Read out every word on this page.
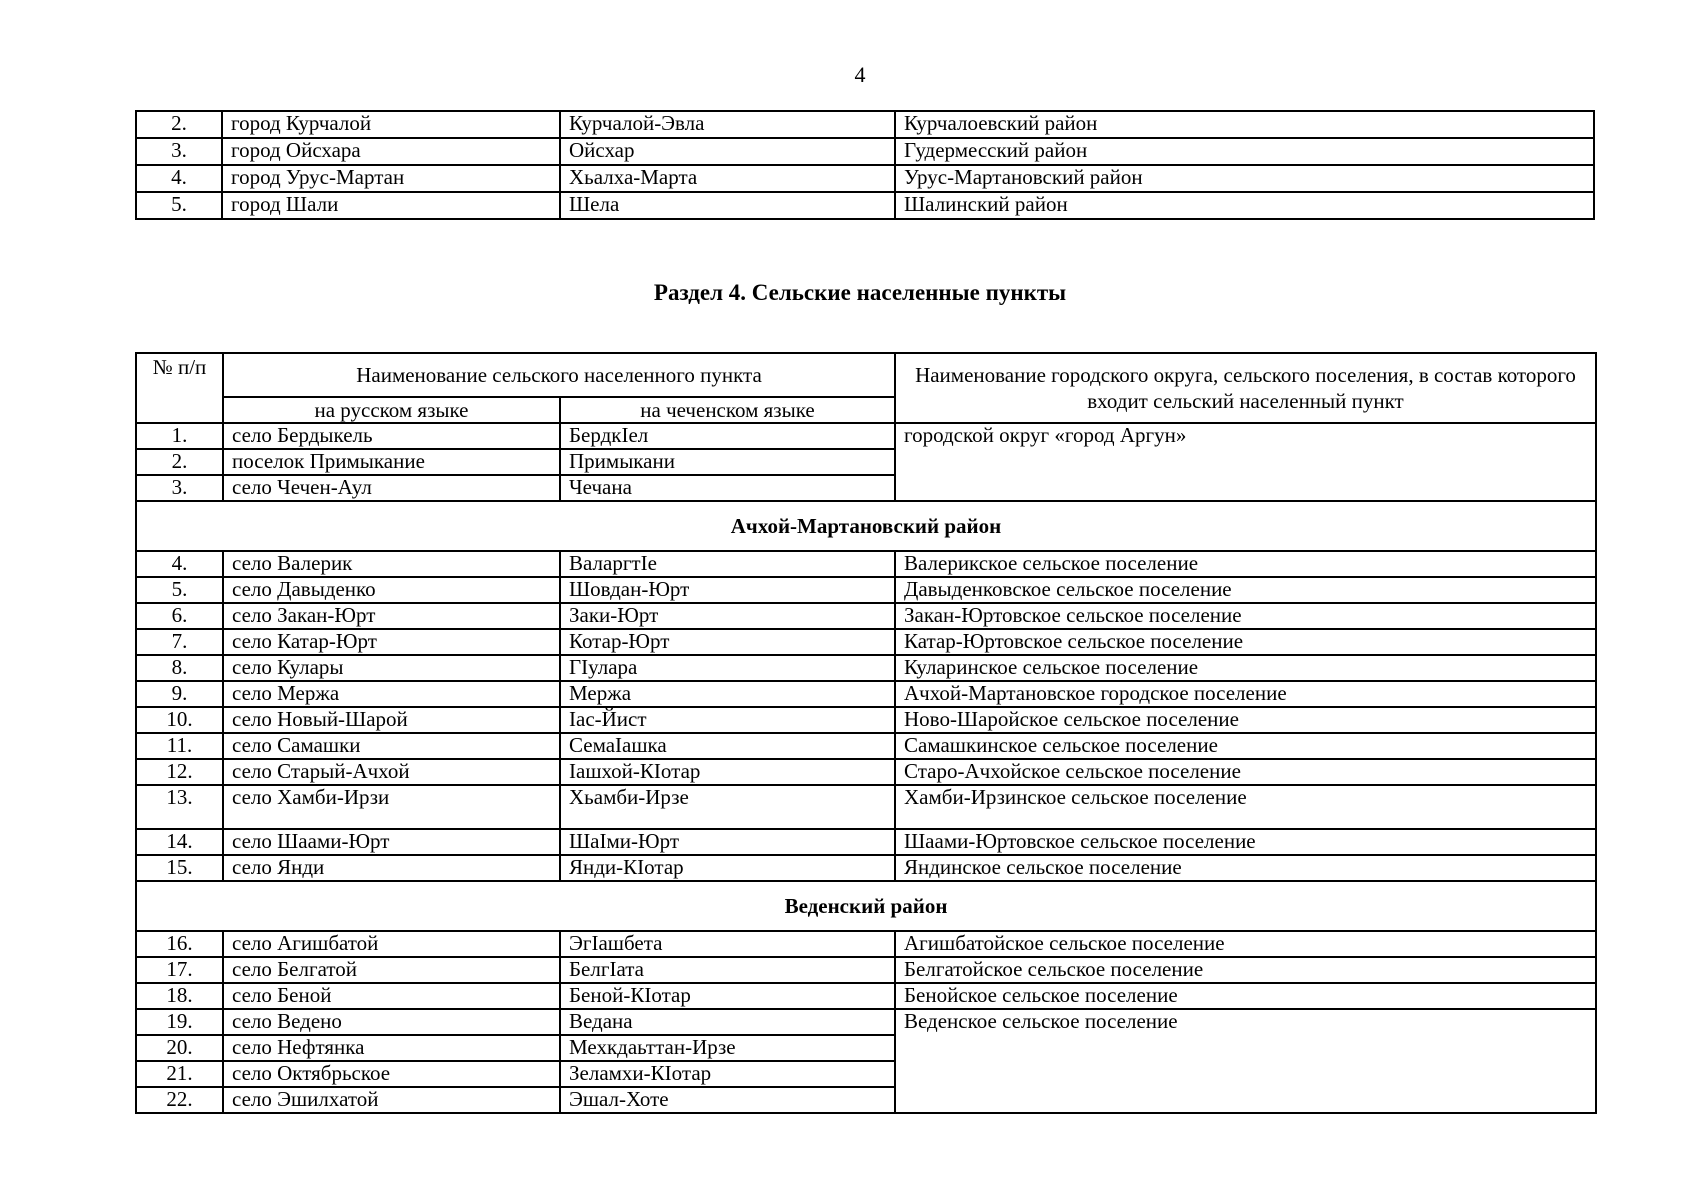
4
2.	город Курчалой	Курчалой-Эвла	Курчалоевский район
3.	город Ойсхара	Ойсхар	Гудермесский район
4.	город Урус-Мартан	Хьалха-Марта	Урус-Мартановский район
5.	город Шали	Шела	Шалинский район
Раздел 4. Сельские населенные пункты
№ п/п	Наименование сельского населенного пункта		Наименование городского округа, сельского поселения, в состав которого входит сельский населенный пункт
	на русском языке	на чеченском языке	
1.	село Бердыкель	БердкIел	городской округ «город Аргун»
2.	поселок Примыкание	Примыкани	
3.	село Чечен-Аул	Чечана	
Ачхой-Мартановский район			
4.	село Валерик	ВаларгтIе	Валерикское сельское поселение
5.	село Давыденко	Шовдан-Юрт	Давыденковское сельское поселение
6.	село Закан-Юрт	Заки-Юрт	Закан-Юртовское сельское поселение
7.	село Катар-Юрт	Котар-Юрт	Катар-Юртовское сельское поселение
8.	село Кулары	ГIулара	Куларинское сельское поселение
9.	село Мержа	Мержа	Ачхой-Мартановское городское поселение
10.	село Новый-Шарой	Iас-Йист	Ново-Шаройское сельское поселение
11.	село Самашки	СемаIашка	Самашкинское сельское поселение
12.	село Старый-Ачхой	Iашхой-КIотар	Старо-Ачхойское сельское поселение
13.	село Хамби-Ирзи	Хьамби-Ирзе	Хамби-Ирзинское сельское поселение
14.	село Шаами-Юрт	ШаIми-Юрт	Шаами-Юртовское сельское поселение
15.	село Янди	Янди-КIотар	Яндинское сельское поселение
Веденский район			
16.	село Агишбатой	ЭгIашбета	Агишбатойское сельское поселение
17.	село Белгатой	БелгIата	Белгатойское сельское поселение
18.	село Беной	Беной-КIотар	Бенойское сельское поселение
19.	село Ведено	Ведана	Веденское сельское поселение
20.	село Нефтянка	Мехкдаьттан-Ирзе	
21.	село Октябрьское	Зеламхи-КIотар	
22.	село Эшилхатой	Эшал-Хоте	
